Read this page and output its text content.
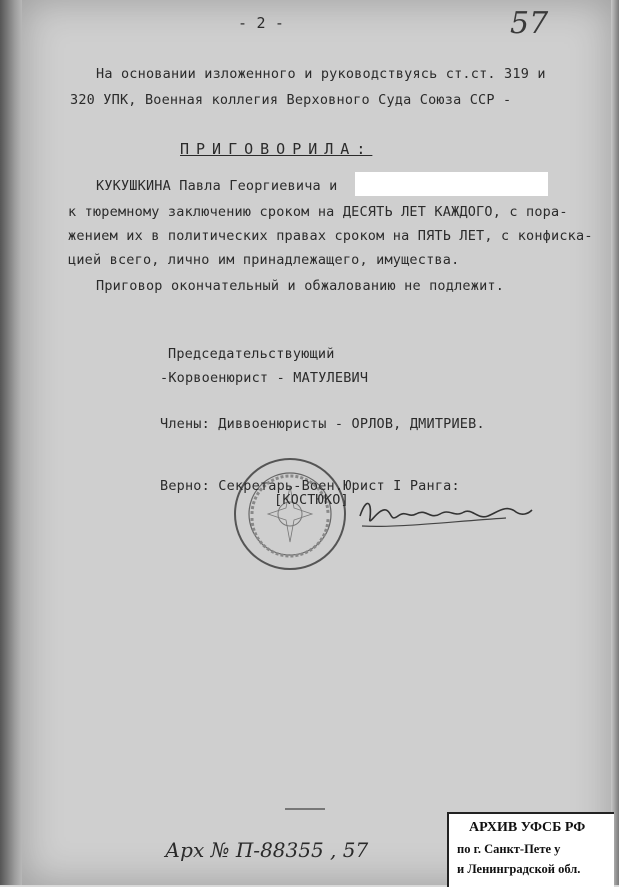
- 2 -	57
На основании изложенного и руководствуясь ст.ст. 319 и
320 УПК, Военная коллегия Верховного Суда Союза ССР -
ПРИГОВОРИЛА:
КУКУШКИНА Павла Георгиевича и
к тюремному заключению сроком на ДЕСЯТЬ ЛЕТ КАЖДОГО, с пора-
жением их в политических правах сроком на ПЯТЬ ЛЕТ, с конфиска-
цией всего, лично им принадлежащего, имущества.
Приговор окончательный и обжалованию не подлежит.
Председательствующий
-Корвоенюрист - МАТУЛЕВИЧ
Члены: Диввоенюристы - ОРЛОВ, ДМИТРИЕВ.
Верно: Секретарь-Воен.Юрист I Ранга:
[КОСТЮКО]
Арх № П-88355 , 57
АРХИВ УФСБ РФ
по г. Санкт-Пете у
и Ленинградской обл.
